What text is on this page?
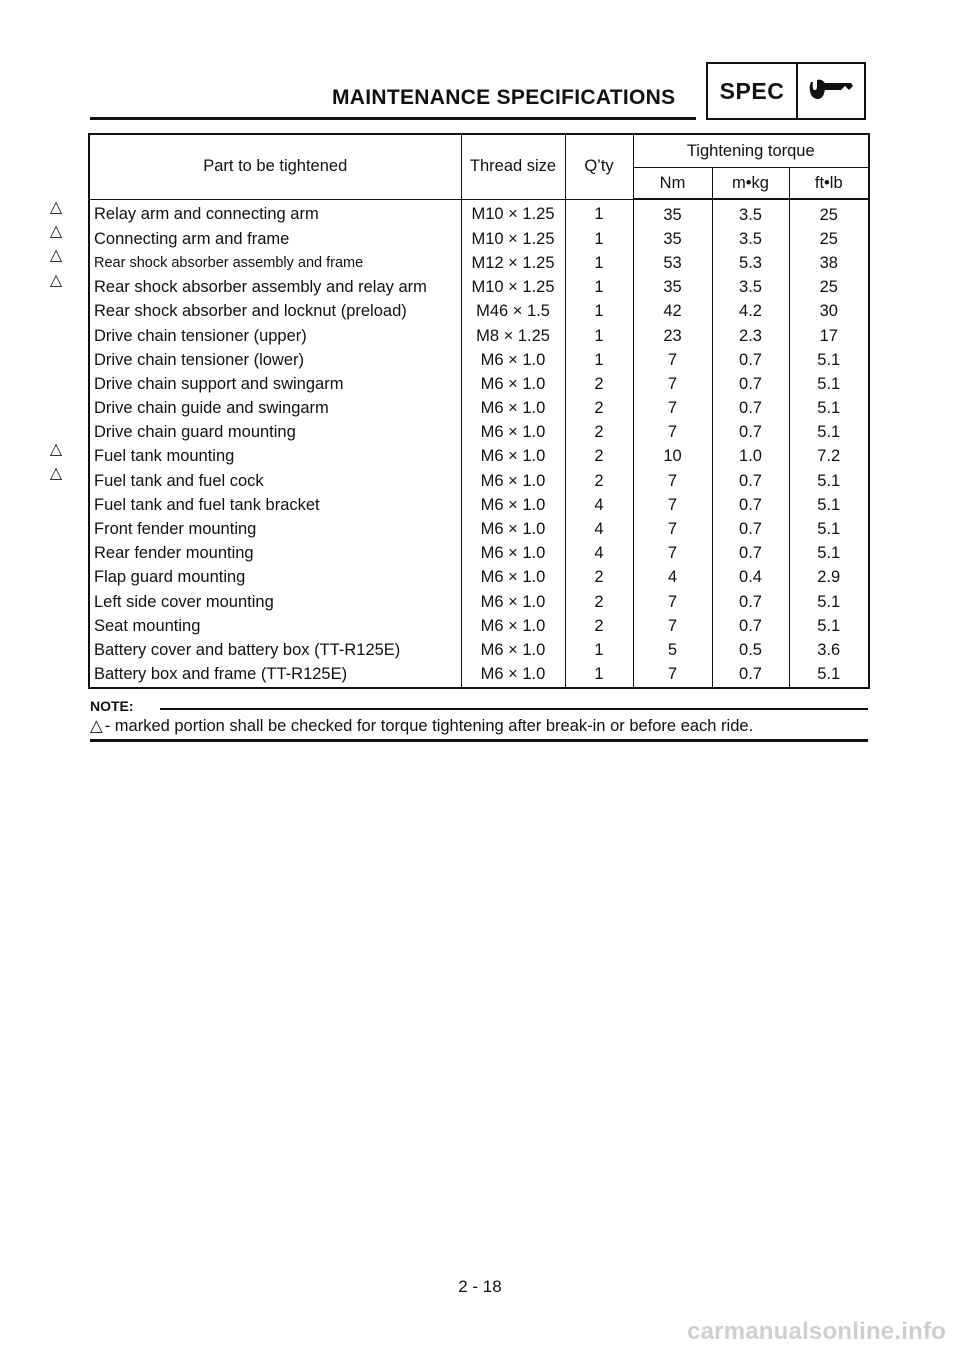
MAINTENANCE SPECIFICATIONS	SPEC
△
△
△
△
△
△
Part to be tightened	Thread size	Q’ty	Tightening torque		
			Nm	m•kg	ft•lb
Relay arm and connecting arm	M10 × 1.25	1	35	3.5	25
Connecting arm and frame	M10 × 1.25	1	35	3.5	25
Rear shock absorber assembly and frame	M12 × 1.25	1	53	5.3	38
Rear shock absorber assembly and relay arm	M10 × 1.25	1	35	3.5	25
Rear shock absorber and locknut (preload)	M46 × 1.5	1	42	4.2	30
Drive chain tensioner (upper)	M8 × 1.25	1	23	2.3	17
Drive chain tensioner (lower)	M6 × 1.0	1	7	0.7	5.1
Drive chain support and swingarm	M6 × 1.0	2	7	0.7	5.1
Drive chain guide and swingarm	M6 × 1.0	2	7	0.7	5.1
Drive chain guard mounting	M6 × 1.0	2	7	0.7	5.1
Fuel tank mounting	M6 × 1.0	2	10	1.0	7.2
Fuel tank and fuel cock	M6 × 1.0	2	7	0.7	5.1
Fuel tank and fuel tank bracket	M6 × 1.0	4	7	0.7	5.1
Front fender mounting	M6 × 1.0	4	7	0.7	5.1
Rear fender mounting	M6 × 1.0	4	7	0.7	5.1
Flap guard mounting	M6 × 1.0	2	4	0.4	2.9
Left side cover mounting	M6 × 1.0	2	7	0.7	5.1
Seat mounting	M6 × 1.0	2	7	0.7	5.1
Battery cover and battery box (TT-R125E)	M6 × 1.0	1	5	0.5	3.6
Battery box and frame (TT-R125E)	M6 × 1.0	1	7	0.7	5.1
NOTE:
△ - marked portion shall be checked for torque tightening after break-in or before each ride.
2 - 18
carmanualsonline.info
